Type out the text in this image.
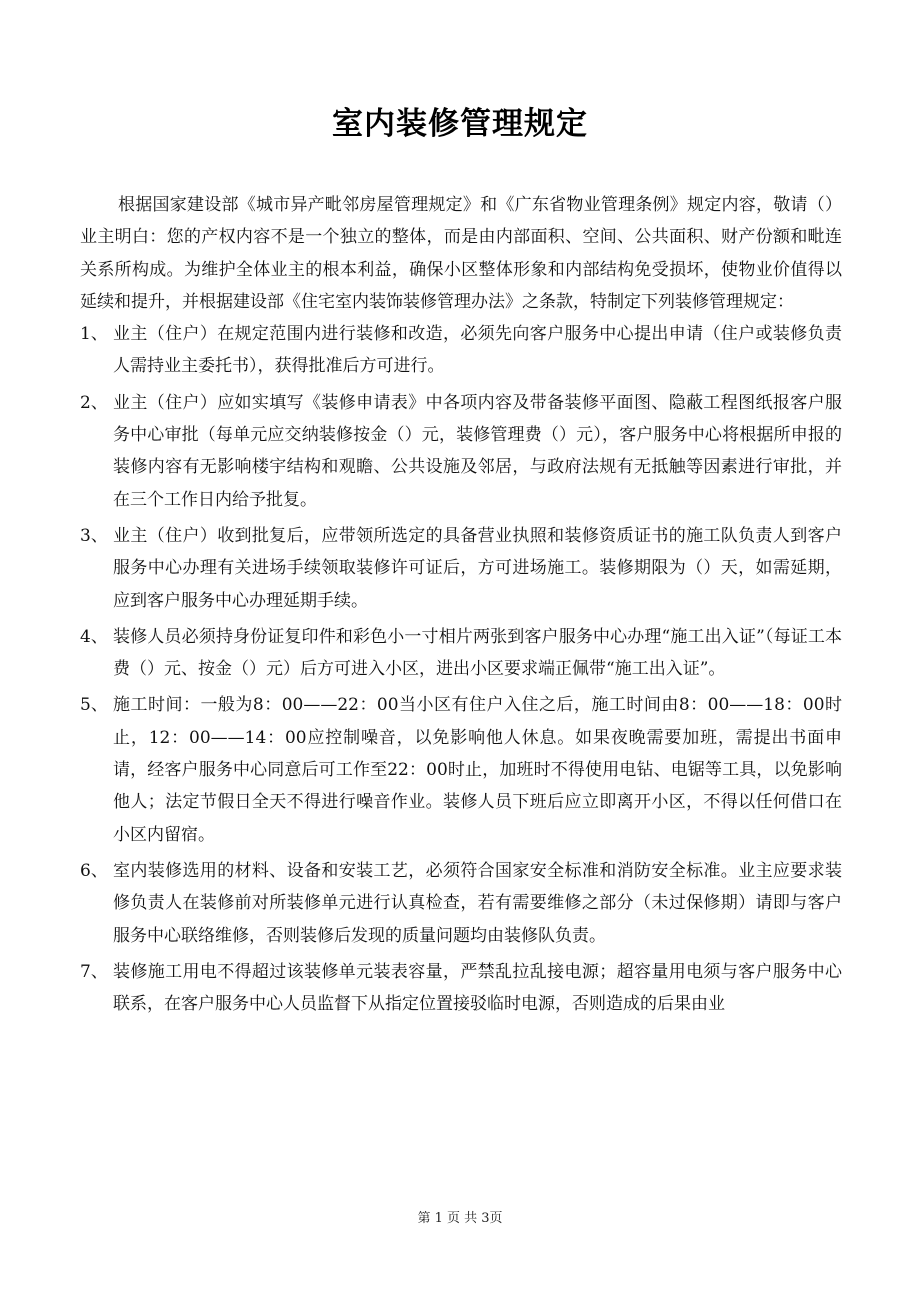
室内装修管理规定

根据国家建设部《城市异产毗邻房屋管理规定》和《广东省物业管理条例》规定内容，敬请（）业主明白：您的产权内容不是一个独立的整体，而是由内部面积、空间、公共面积、财产份额和毗连关系所构成。为维护全体业主的根本利益，确保小区整体形象和内部结构免受损坏，使物业价值得以延续和提升，并根据建设部《住宅室内装饰装修管理办法》之条款，特制定下列装修管理规定：

1、 业主（住户）在规定范围内进行装修和改造，必须先向客户服务中心提出申请（住户或装修负责人需持业主委托书），获得批准后方可进行。

2、 业主（住户）应如实填写《装修申请表》中各项内容及带备装修平面图、隐蔽工程图纸报客户服务中心审批（每单元应交纳装修按金（）元，装修管理费（）元），客户服务中心将根据所申报的装修内容有无影响楼宇结构和观瞻、公共设施及邻居，与政府法规有无抵触等因素进行审批，并在三个工作日内给予批复。

3、 业主（住户）收到批复后，应带领所选定的具备营业执照和装修资质证书的施工队负责人到客户服务中心办理有关进场手续领取装修许可证后，方可进场施工。装修期限为（）天，如需延期，应到客户服务中心办理延期手续。

4、 装修人员必须持身份证复印件和彩色小一寸相片两张到客户服务中心办理“施工出入证”（每证工本费（）元、按金（）元）后方可进入小区，进出小区要求端正佩带“施工出入证”。

5、 施工时间：一般为8：00——22：00当小区有住户入住之后，施工时间由8：00——18：00时止，12：00——14：00应控制噪音，以免影响他人休息。如果夜晚需要加班，需提出书面申请，经客户服务中心同意后可工作至22：00时止，加班时不得使用电钻、电锯等工具，以免影响他人；法定节假日全天不得进行噪音作业。装修人员下班后应立即离开小区，不得以任何借口在小区内留宿。

6、 室内装修选用的材料、设备和安装工艺，必须符合国家安全标准和消防安全标准。业主应要求装修负责人在装修前对所装修单元进行认真检查，若有需要维修之部分（未过保修期）请即与客户服务中心联络维修，否则装修后发现的质量问题均由装修队负责。

7、 装修施工用电不得超过该装修单元装表容量，严禁乱拉乱接电源；超容量用电须与客户服务中心联系，在客户服务中心人员监督下从指定位置接驳临时电源，否则造成的后果由业

第 1 页 共 3页
